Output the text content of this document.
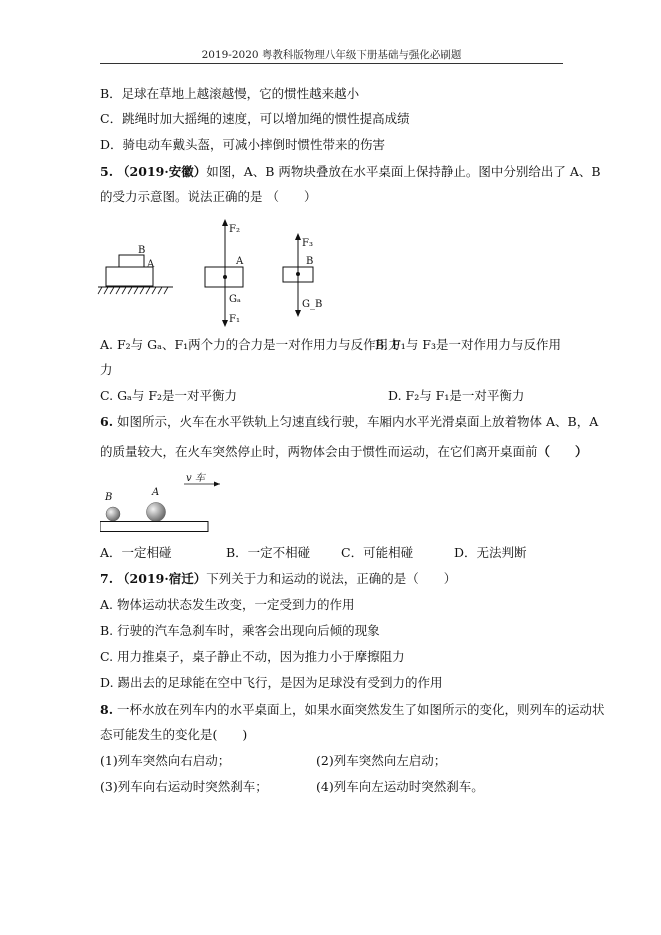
2019-2020 粤教科版物理八年级下册基础与强化必刷题
B．足球在草地上越滚越慢，它的惯性越来越小
C．跳绳时加大摇绳的速度，可以增加绳的惯性提高成绩
D．骑电动车戴头盔，可减小摔倒时惯性带来的伤害
5. （2019·安徽）如图，A、B 两物块叠放在水平桌面上保持静止。图中分别给出了 A、B
的受力示意图。说法正确的是 （　　）
B
A
F₂
A
Gₐ
F₁
F₃
B
G_B
A. F₂与 Gₐ、F₁两个力的合力是一对作用力与反作用力
B. F₁与 F₃是一对作用力与反作用
力
C. Gₐ与 F₂是一对平衡力	D. F₂与 F₁是一对平衡力
6. 如图所示，火车在水平铁轨上匀速直线行驶，车厢内水平光滑桌面上放着物体 A、B，A
的质量较大，在火车突然停止时，两物体会由于惯性而运动，在它们离开桌面前（　　）
v 车
B	A
A．一定相碰	B．一定不相碰 C．可能相碰	D．无法判断
7. （2019·宿迁）下列关于力和运动的说法，正确的是（　　）
A. 物体运动状态发生改变，一定受到力的作用
B. 行驶的汽车急刹车时，乘客会出现向后倾的现象
C. 用力推桌子，桌子静止不动，因为推力小于摩擦阻力
D. 踢出去的足球能在空中飞行，是因为足球没有受到力的作用
8. 一杯水放在列车内的水平桌面上，如果水面突然发生了如图所示的变化，则列车的运动状
态可能发生的变化是(　　)
(1)列车突然向右启动；	(2)列车突然向左启动；
(3)列车向右运动时突然刹车；	(4)列车向左运动时突然刹车。
